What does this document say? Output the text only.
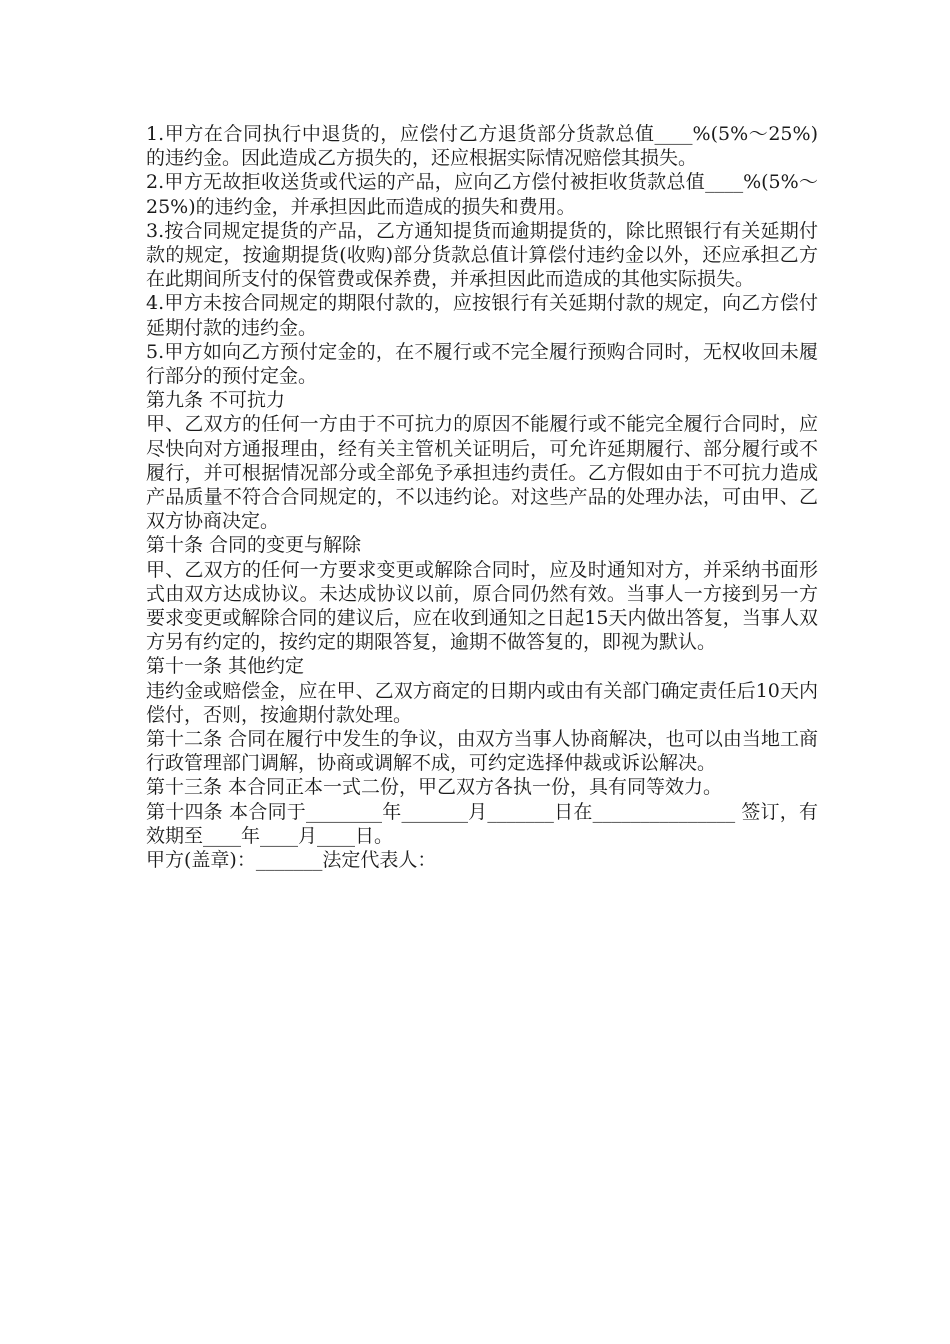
1.甲方在合同执行中退货的，应偿付乙方退货部分货款总值____%(5%～25%)的违约金。因此造成乙方损失的，还应根据实际情况赔偿其损失。

2.甲方无故拒收送货或代运的产品，应向乙方偿付被拒收货款总值____%(5%～25%)的违约金，并承担因此而造成的损失和费用。

3.按合同规定提货的产品，乙方通知提货而逾期提货的，除比照银行有关延期付款的规定，按逾期提货(收购)部分货款总值计算偿付违约金以外，还应承担乙方在此期间所支付的保管费或保养费，并承担因此而造成的其他实际损失。

4.甲方未按合同规定的期限付款的，应按银行有关延期付款的规定，向乙方偿付延期付款的违约金。

5.甲方如向乙方预付定金的，在不履行或不完全履行预购合同时，无权收回未履行部分的预付定金。

第九条 不可抗力

甲、乙双方的任何一方由于不可抗力的原因不能履行或不能完全履行合同时，应尽快向对方通报理由，经有关主管机关证明后，可允许延期履行、部分履行或不履行，并可根据情况部分或全部免予承担违约责任。乙方假如由于不可抗力造成产品质量不符合合同规定的，不以违约论。对这些产品的处理办法，可由甲、乙双方协商决定。

第十条 合同的变更与解除

甲、乙双方的任何一方要求变更或解除合同时，应及时通知对方，并采纳书面形式由双方达成协议。未达成协议以前，原合同仍然有效。当事人一方接到另一方要求变更或解除合同的建议后，应在收到通知之日起15天内做出答复，当事人双方另有约定的，按约定的期限答复，逾期不做答复的，即视为默认。

第十一条 其他约定

违约金或赔偿金，应在甲、乙双方商定的日期内或由有关部门确定责任后10天内偿付，否则，按逾期付款处理。

第十二条 合同在履行中发生的争议，由双方当事人协商解决，也可以由当地工商行政管理部门调解，协商或调解不成，可约定选择仲裁或诉讼解决。

第十三条 本合同正本一式二份，甲乙双方各执一份，具有同等效力。

第十四条 本合同于________年_______月_______日在_______________ 签订，有效期至____年____月____日。

甲方(盖章)：_______法定代表人：
